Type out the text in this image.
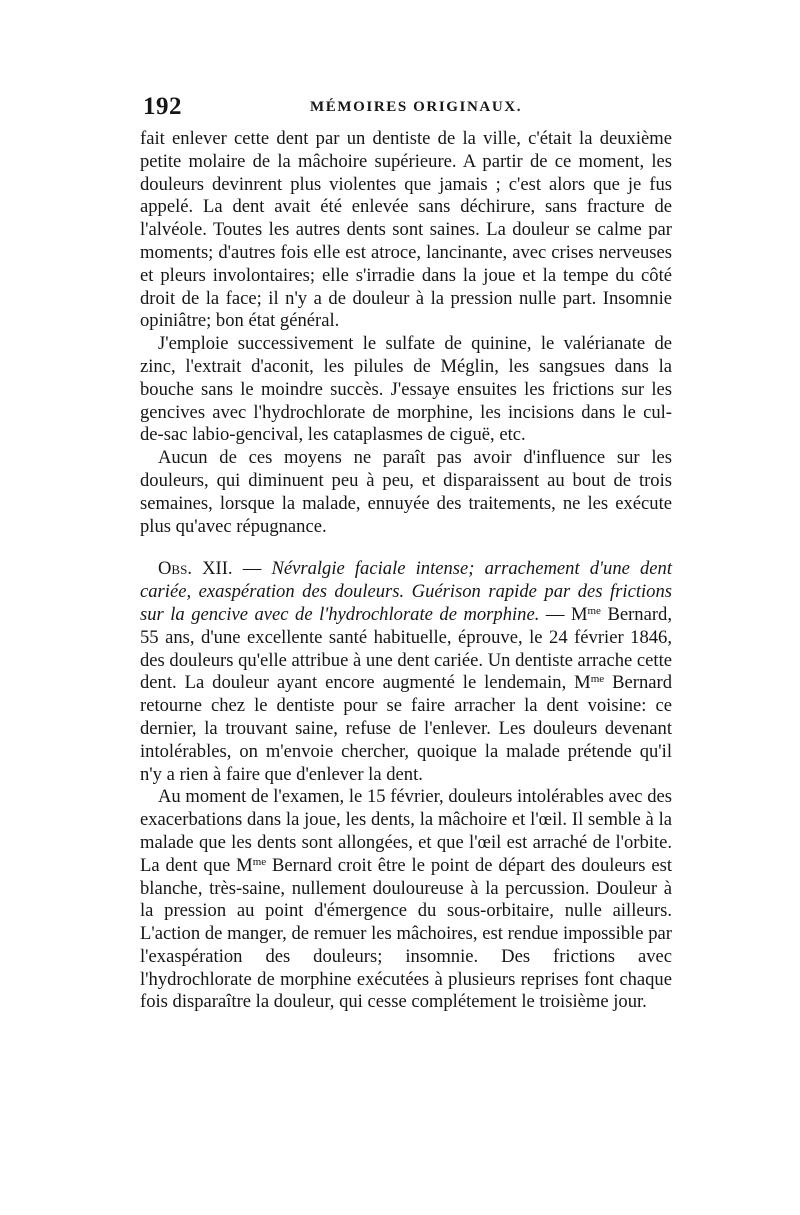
192	MÉMOIRES ORIGINAUX.

fait enlever cette dent par un dentiste de la ville, c'était la deuxième petite molaire de la mâchoire supérieure. A partir de ce moment, les douleurs devinrent plus violentes que jamais ; c'est alors que je fus appelé. La dent avait été enlevée sans déchirure, sans fracture de l'alvéole. Toutes les autres dents sont saines. La douleur se calme par moments; d'autres fois elle est atroce, lancinante, avec crises nerveuses et pleurs involontaires; elle s'irradie dans la joue et la tempe du côté droit de la face; il n'y a de douleur à la pression nulle part. Insomnie opiniâtre; bon état général.

J'emploie successivement le sulfate de quinine, le valérianate de zinc, l'extrait d'aconit, les pilules de Méglin, les sangsues dans la bouche sans le moindre succès. J'essaye ensuites les frictions sur les gencives avec l'hydrochlorate de morphine, les incisions dans le cul-de-sac labio-gencival, les cataplasmes de ciguë, etc.

Aucun de ces moyens ne paraît pas avoir d'influence sur les douleurs, qui diminuent peu à peu, et disparaissent au bout de trois semaines, lorsque la malade, ennuyée des traitements, ne les exécute plus qu'avec répugnance.

Obs. XII. — Névralgie faciale intense; arrachement d'une dent cariée, exaspération des douleurs. Guérison rapide par des frictions sur la gencive avec de l'hydrochlorate de morphine. — $M^{me}$ Bernard, 55 ans, d'une excellente santé habituelle, éprouve, le 24 février 1846, des douleurs qu'elle attribue à une dent cariée. Un dentiste arrache cette dent. La douleur ayant encore augmenté le lendemain, $M^{me}$ Bernard retourne chez le dentiste pour se faire arracher la dent voisine: ce dernier, la trouvant saine, refuse de l'enlever. Les douleurs devenant intolérables, on m'envoie chercher, quoique la malade prétende qu'il n'y a rien à faire que d'enlever la dent.

Au moment de l'examen, le 15 février, douleurs intolérables avec des exacerbations dans la joue, les dents, la mâchoire et l'œil. Il semble à la malade que les dents sont allongées, et que l'œil est arraché de l'orbite. La dent que $M^{me}$ Bernard croit être le point de départ des douleurs est blanche, très-saine, nullement douloureuse à la percussion. Douleur à la pression au point d'émergence du sous-orbitaire, nulle ailleurs. L'action de manger, de remuer les mâchoires, est rendue impossible par l'exaspération des douleurs; insomnie. Des frictions avec l'hydrochlorate de morphine exécutées à plusieurs reprises font chaque fois disparaître la douleur, qui cesse complétement le troisième jour.
